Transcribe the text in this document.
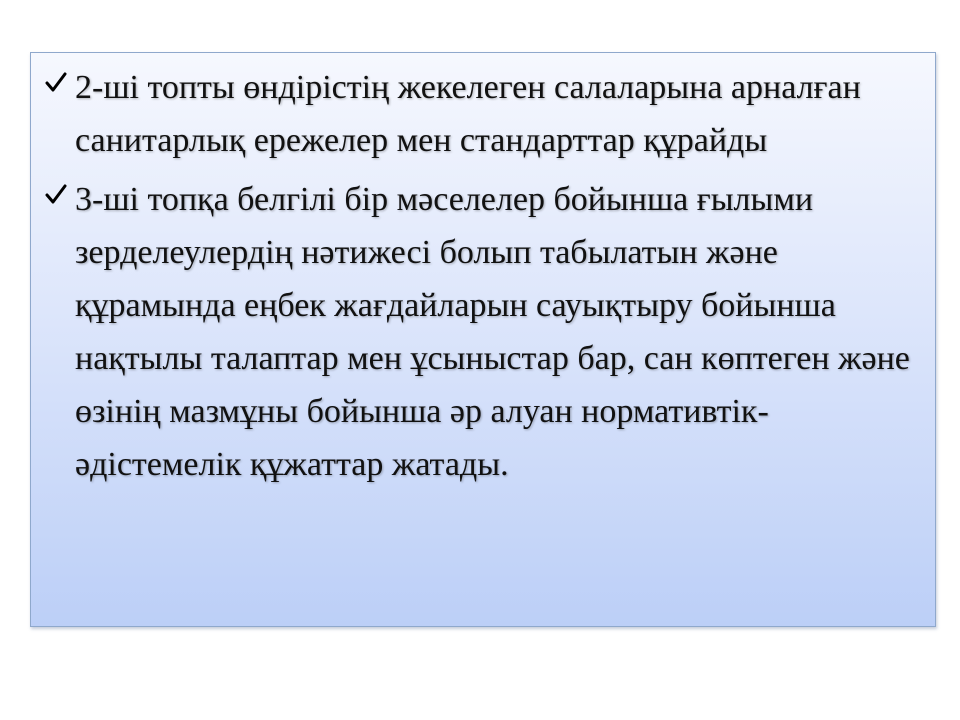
2-ші топты өндірістің жекелеген салаларына арналған санитарлық ережелер мен стандарттар құрайды
3-ші топқа белгілі бір мәселелер бойынша ғылыми зерделеулердің нәтижесі болып табылатын және құрамында еңбек жағдайларын сауықтыру бойынша нақтылы талаптар мен ұсыныстар бар, сан көптеген және өзінің мазмұны бойынша әр алуан нормативтік-әдістемелік құжаттар жатады.
